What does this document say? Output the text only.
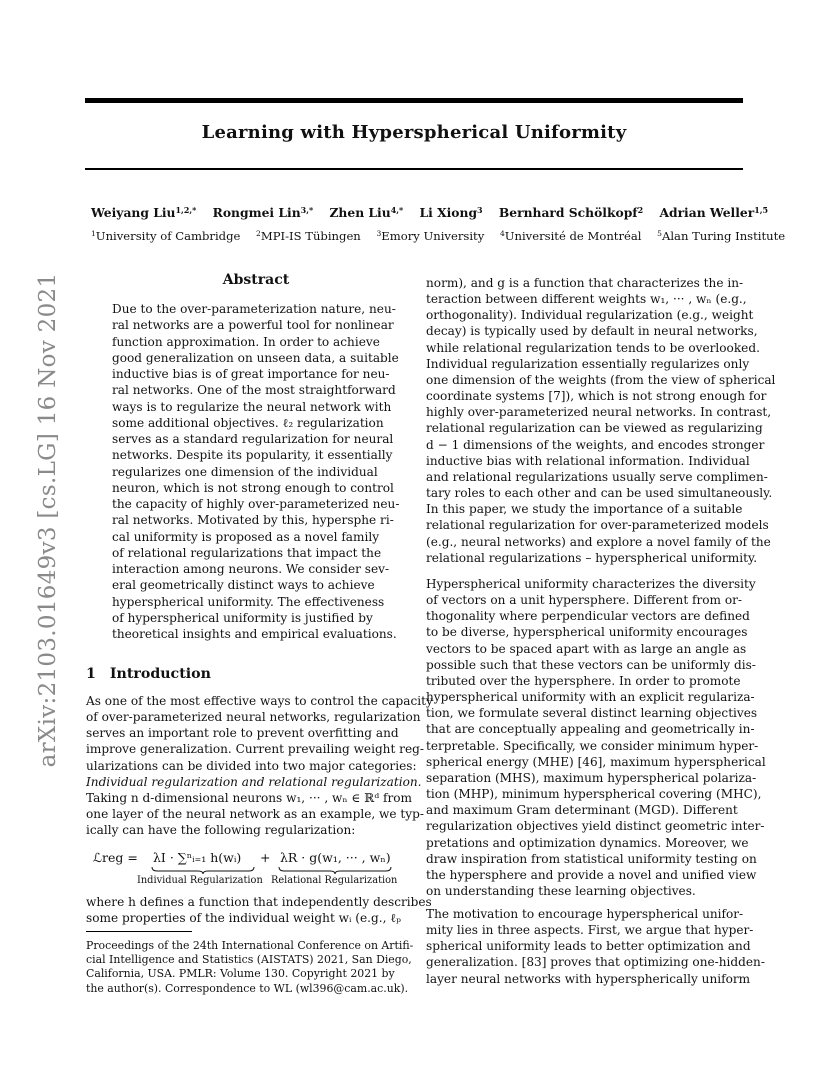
Learning with Hyperspherical Uniformity
Weiyang Liu$^{1,2,*}$ Rongmei Lin$^{3,*}$ Zhen Liu$^{4,*}$ Li Xiong$^3$ Bernhard Schölkopf$^2$ Adrian Weller$^{1,5}$
$^1$University of Cambridge $^2$MPI-IS Tübingen $^3$Emory University $^4$Université de Montréal $^5$Alan Turing Institute
arXiv:2103.01649v3 [cs.LG] 16 Nov 2021	Abstract
Due to the over-parameterization nature, neu-
ral networks are a powerful tool for nonlinear
function approximation. In order to achieve
good generalization on unseen data, a suitable
inductive bias is of great importance for neu-
ral networks. One of the most straightforward
ways is to regularize the neural network with
some additional objectives. ℓ₂ regularization
serves as a standard regularization for neural
networks. Despite its popularity, it essentially
regularizes one dimension of the individual
neuron, which is not strong enough to control
the capacity of highly over-parameterized neu-
ral networks. Motivated by this, hypersphe ri-
cal uniformity is proposed as a novel family
of relational regularizations that impact the
interaction among neurons. We consider sev-
eral geometrically distinct ways to achieve
hyperspherical uniformity. The effectiveness
of hyperspherical uniformity is justified by
theoretical insights and empirical evaluations.
1 Introduction
As one of the most effective ways to control the capacity
of over-parameterized neural networks, regularization
serves an important role to prevent overfitting and
improve generalization. Current prevailing weight reg-
ularizations can be divided into two major categories:
Individual regularization and relational regularization.
Taking n d-dimensional neurons w₁, ··· , wₙ ∈ ℝᵈ from
one layer of the neural network as an example, we typ-
ically can have the following regularization:
ℒreg = λI · ∑ⁿᵢ₌₁ h(wᵢ) + λR · g(w₁, ··· , wₙ)
Individual Regularization Relational Regularization
where h defines a function that independently describes
some properties of the individual weight wᵢ (e.g., ℓₚ
Proceedings of the 24th International Conference on Artifi-
cial Intelligence and Statistics (AISTATS) 2021, San Diego,
California, USA. PMLR: Volume 130. Copyright 2021 by
the author(s). Correspondence to WL (wl396@cam.ac.uk).
norm), and g is a function that characterizes the in-
teraction between different weights w₁, ··· , wₙ (e.g.,
orthogonality). Individual regularization (e.g., weight
decay) is typically used by default in neural networks,
while relational regularization tends to be overlooked.
Individual regularization essentially regularizes only
one dimension of the weights (from the view of spherical
coordinate systems [7]), which is not strong enough for
highly over-parameterized neural networks. In contrast,
relational regularization can be viewed as regularizing
d − 1 dimensions of the weights, and encodes stronger
inductive bias with relational information. Individual
and relational regularizations usually serve complimen-
tary roles to each other and can be used simultaneously.
In this paper, we study the importance of a suitable
relational regularization for over-parameterized models
(e.g., neural networks) and explore a novel family of the
relational regularizations – hyperspherical uniformity.
Hyperspherical uniformity characterizes the diversity
of vectors on a unit hypersphere. Different from or-
thogonality where perpendicular vectors are defined
to be diverse, hyperspherical uniformity encourages
vectors to be spaced apart with as large an angle as
possible such that these vectors can be uniformly dis-
tributed over the hypersphere. In order to promote
hyperspherical uniformity with an explicit regulariza-
tion, we formulate several distinct learning objectives
that are conceptually appealing and geometrically in-
terpretable. Specifically, we consider minimum hyper-
spherical energy (MHE) [46], maximum hyperspherical
separation (MHS), maximum hyperspherical polariza-
tion (MHP), minimum hyperspherical covering (MHC),
and maximum Gram determinant (MGD). Different
regularization objectives yield distinct geometric inter-
pretations and optimization dynamics. Moreover, we
draw inspiration from statistical uniformity testing on
the hypersphere and provide a novel and unified view
on understanding these learning objectives.
The motivation to encourage hyperspherical unifor-
mity lies in three aspects. First, we argue that hyper-
spherical uniformity leads to better optimization and
generalization. [83] proves that optimizing one-hidden-
layer neural networks with hyperspherically uniform
